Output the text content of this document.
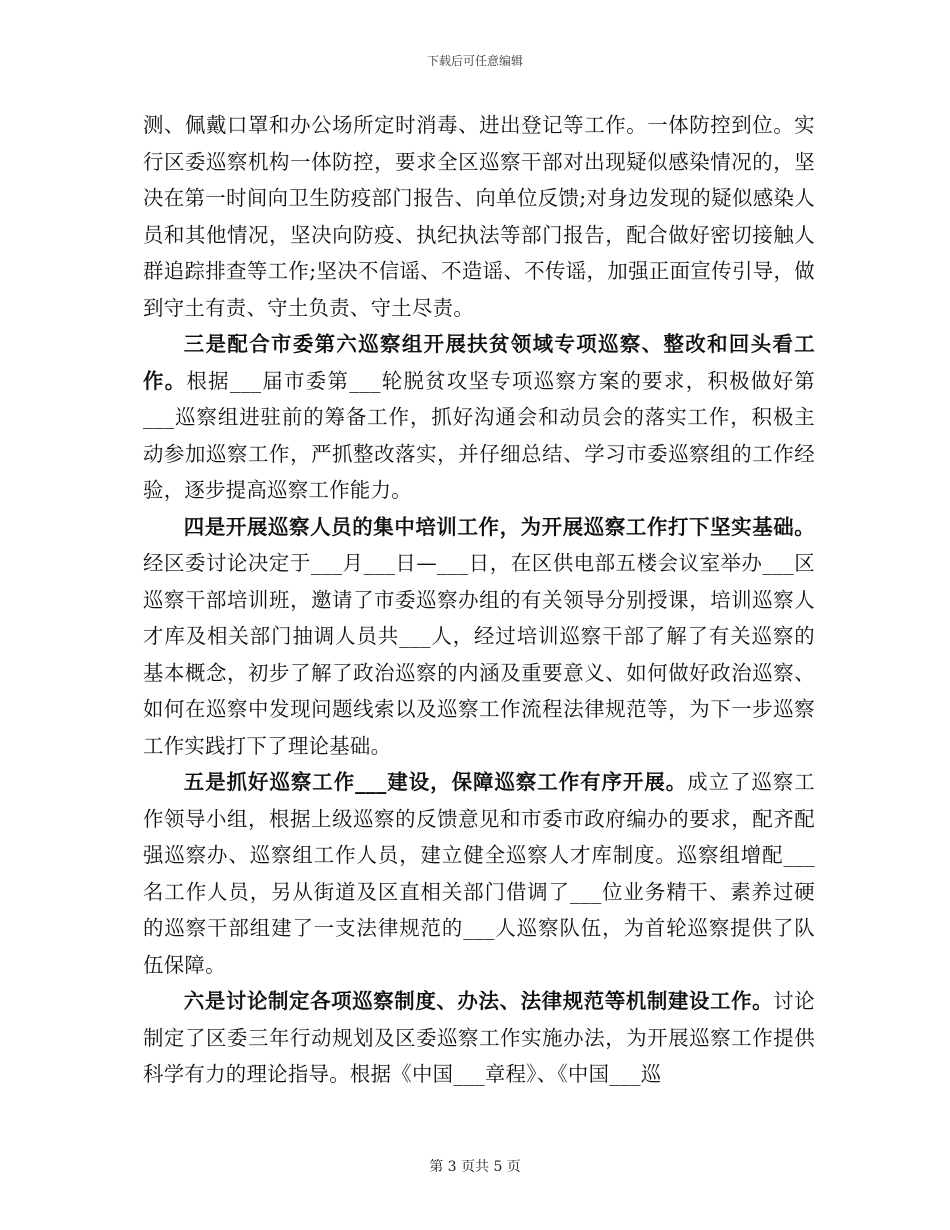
下载后可任意编辑

测、佩戴口罩和办公场所定时消毒、进出登记等工作。一体防控到位。实行区委巡察机构一体防控，要求全区巡察干部对出现疑似感染情况的，坚决在第一时间向卫生防疫部门报告、向单位反馈;对身边发现的疑似感染人员和其他情况，坚决向防疫、执纪执法等部门报告，配合做好密切接触人群追踪排查等工作;坚决不信谣、不造谣、不传谣，加强正面宣传引导，做到守土有责、守土负责、守土尽责。

三是配合市委第六巡察组开展扶贫领域专项巡察、整改和回头看工作。根据___届市委第___轮脱贫攻坚专项巡察方案的要求，积极做好第___巡察组进驻前的筹备工作，抓好沟通会和动员会的落实工作，积极主动参加巡察工作，严抓整改落实，并仔细总结、学习市委巡察组的工作经验，逐步提高巡察工作能力。

四是开展巡察人员的集中培训工作，为开展巡察工作打下坚实基础。经区委讨论决定于___月___日—___日，在区供电部五楼会议室举办___区巡察干部培训班，邀请了市委巡察办组的有关领导分别授课，培训巡察人才库及相关部门抽调人员共___人，经过培训巡察干部了解了有关巡察的基本概念，初步了解了政治巡察的内涵及重要意义、如何做好政治巡察、如何在巡察中发现问题线索以及巡察工作流程法律规范等，为下一步巡察工作实践打下了理论基础。

五是抓好巡察工作___建设，保障巡察工作有序开展。成立了巡察工作领导小组，根据上级巡察的反馈意见和市委市政府编办的要求，配齐配强巡察办、巡察组工作人员，建立健全巡察人才库制度。巡察组增配___名工作人员，另从街道及区直相关部门借调了___位业务精干、素养过硬的巡察干部组建了一支法律规范的___人巡察队伍，为首轮巡察提供了队伍保障。

六是讨论制定各项巡察制度、办法、法律规范等机制建设工作。讨论制定了区委三年行动规划及区委巡察工作实施办法，为开展巡察工作提供科学有力的理论指导。根据《中国___章程》、《中国___巡

第 3 页共 5 页
